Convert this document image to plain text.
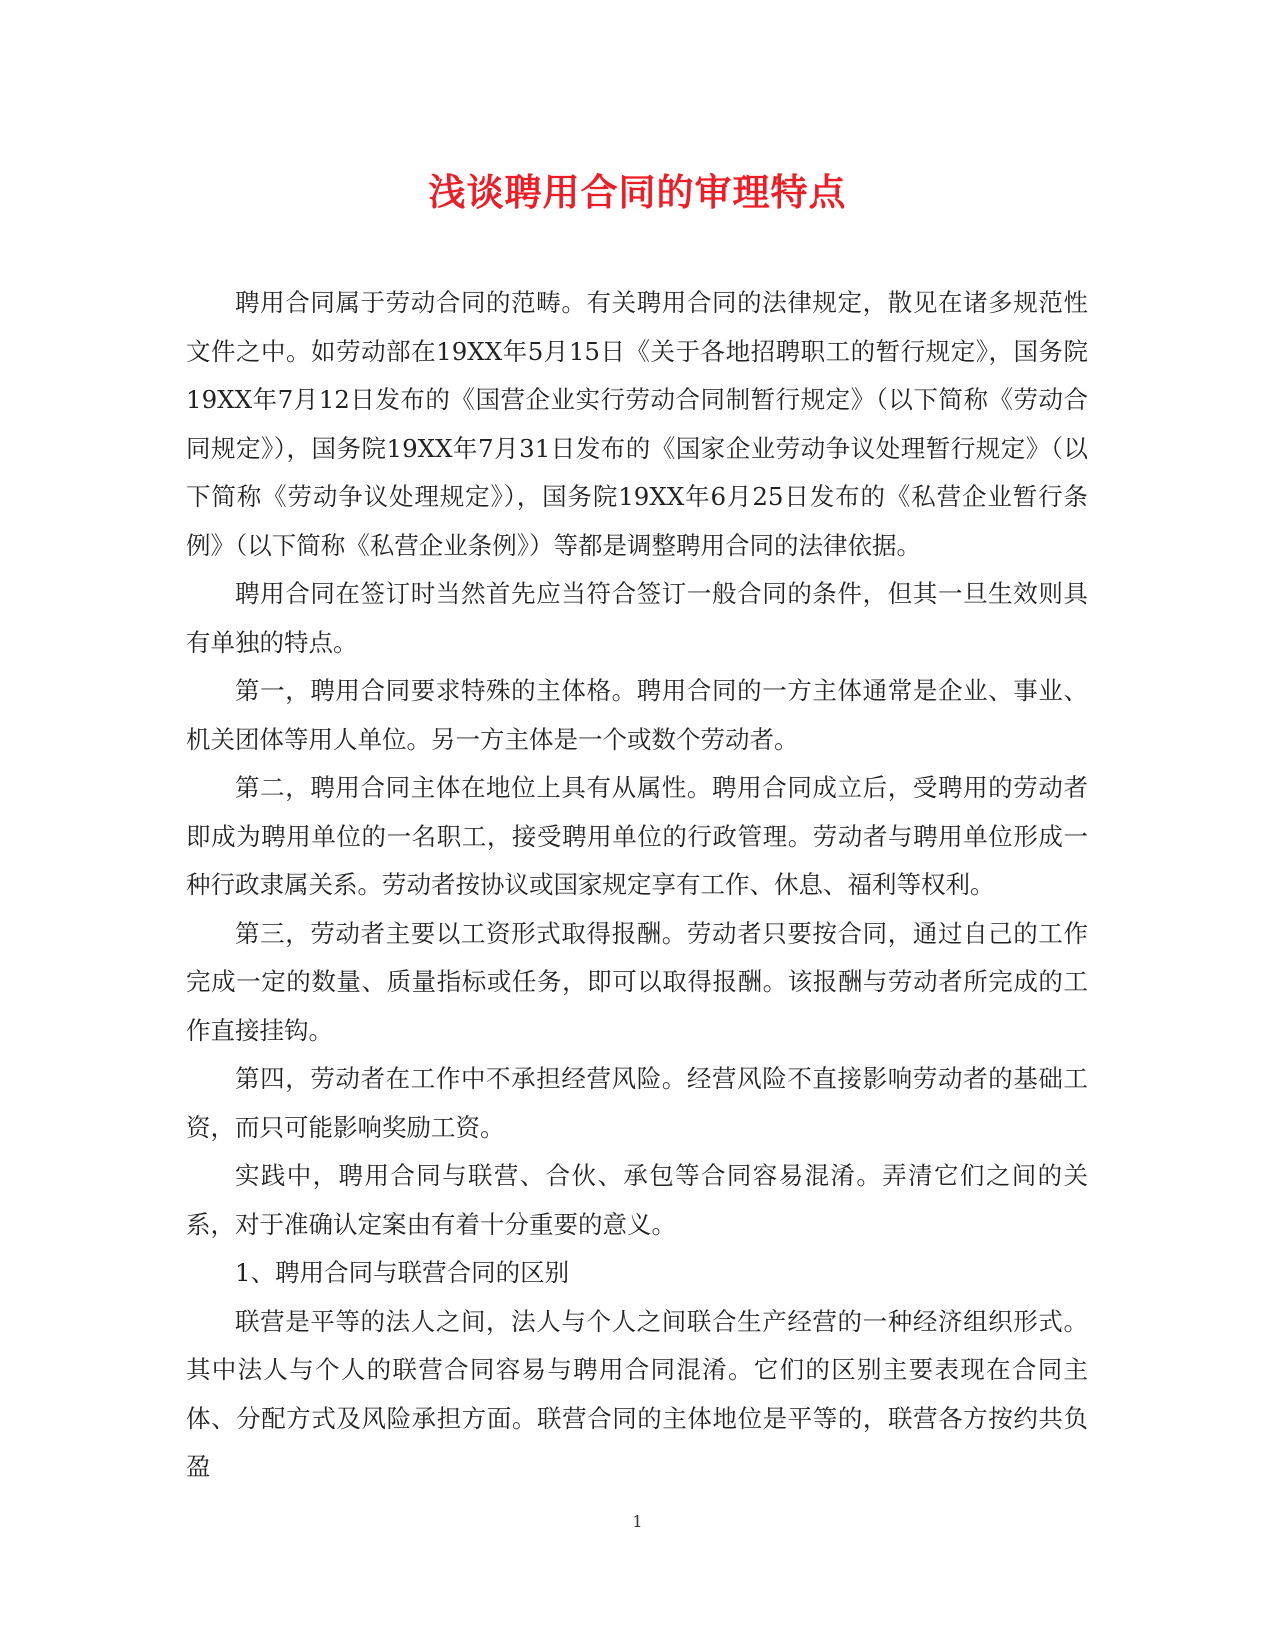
浅谈聘用合同的审理特点

聘用合同属于劳动合同的范畴。有关聘用合同的法律规定，散见在诸多规范性文件之中。如劳动部在19XX年5月15日《关于各地招聘职工的暂行规定》，国务院19XX年7月12日发布的《国营企业实行劳动合同制暂行规定》（以下简称《劳动合同规定》），国务院19XX年7月31日发布的《国家企业劳动争议处理暂行规定》（以下简称《劳动争议处理规定》），国务院19XX年6月25日发布的《私营企业暂行条例》（以下简称《私营企业条例》）等都是调整聘用合同的法律依据。

聘用合同在签订时当然首先应当符合签订一般合同的条件，但其一旦生效则具有单独的特点。

第一，聘用合同要求特殊的主体格。聘用合同的一方主体通常是企业、事业、机关团体等用人单位。另一方主体是一个或数个劳动者。

第二，聘用合同主体在地位上具有从属性。聘用合同成立后，受聘用的劳动者即成为聘用单位的一名职工，接受聘用单位的行政管理。劳动者与聘用单位形成一种行政隶属关系。劳动者按协议或国家规定享有工作、休息、福利等权利。

第三，劳动者主要以工资形式取得报酬。劳动者只要按合同，通过自己的工作完成一定的数量、质量指标或任务，即可以取得报酬。该报酬与劳动者所完成的工作直接挂钩。

第四，劳动者在工作中不承担经营风险。经营风险不直接影响劳动者的基础工资，而只可能影响奖励工资。

实践中，聘用合同与联营、合伙、承包等合同容易混淆。弄清它们之间的关系，对于准确认定案由有着十分重要的意义。

1、聘用合同与联营合同的区别

联营是平等的法人之间，法人与个人之间联合生产经营的一种经济组织形式。其中法人与个人的联营合同容易与聘用合同混淆。它们的区别主要表现在合同主体、分配方式及风险承担方面。联营合同的主体地位是平等的，联营各方按约共负盈

1
